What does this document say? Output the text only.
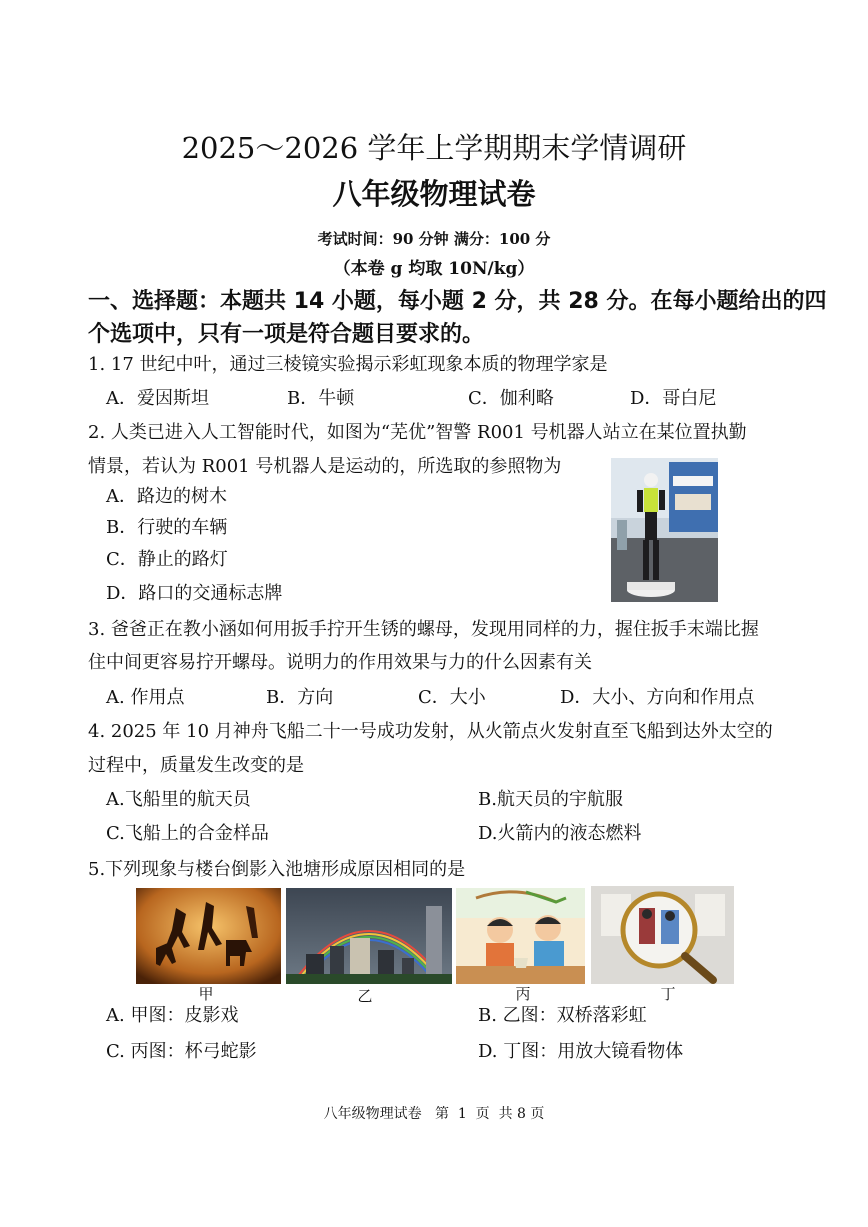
2025～2026 学年上学期期末学情调研
八年级物理试卷
考试时间：90 分钟 满分：100 分
（本卷 g 均取 10N/kg）
一、选择题：本题共 14 小题，每小题 2 分，共 28 分。在每小题给出的四
个选项中，只有一项是符合题目要求的。
1. 17 世纪中叶，通过三棱镜实验揭示彩虹现象本质的物理学家是
A．爱因斯坦	B．牛顿	C．伽利略	D．哥白尼
2. 人类已进入人工智能时代，如图为“芜优”智警 R001 号机器人站立在某位置执勤
情景，若认为 R001 号机器人是运动的，所选取的参照物为
A．路边的树木
B．行驶的车辆
C．静止的路灯
D．路口的交通标志牌
3. 爸爸正在教小涵如何用扳手拧开生锈的螺母，发现用同样的力，握住扳手末端比握
住中间更容易拧开螺母。说明力的作用效果与力的什么因素有关
A. 作用点	B．方向	C．大小	D．大小、方向和作用点
4. 2025 年 10 月神舟飞船二十一号成功发射，从火箭点火发射直至飞船到达外太空的
过程中，质量发生改变的是
A.飞船里的航天员	B.航天员的宇航服
C.飞船上的合金样品	D.火箭内的液态燃料
5.下列现象与楼台倒影入池塘形成原因相同的是
甲	乙	丙	丁
A. 甲图：皮影戏	B. 乙图：双桥落彩虹
C. 丙图：杯弓蛇影	D. 丁图：用放大镜看物体
八年级物理试卷   第  1  页  共 8 页
